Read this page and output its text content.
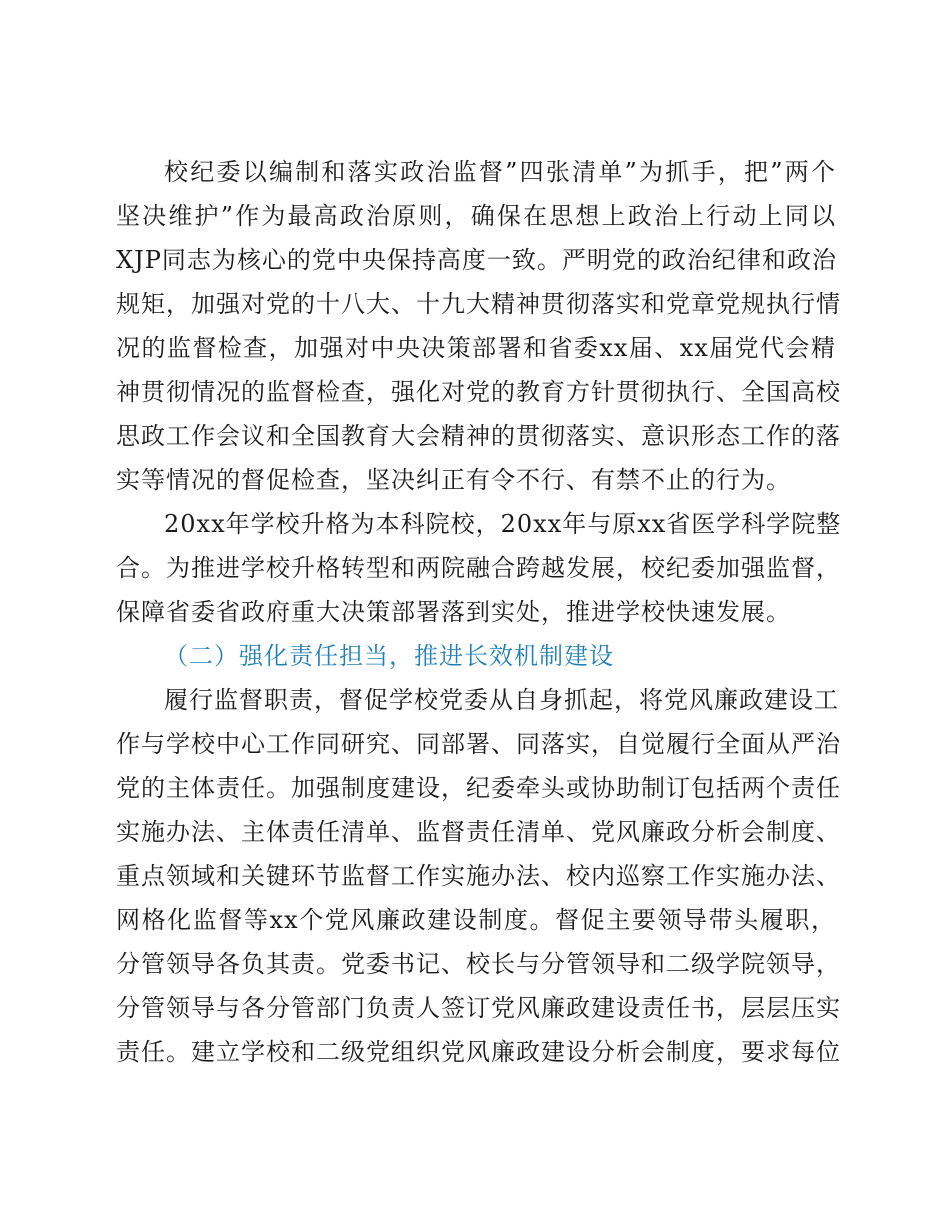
校纪委以编制和落实政治监督”四张清单”为抓手，把”两个
坚决维护”作为最高政治原则，确保在思想上政治上行动上同以
XJP同志为核心的党中央保持高度一致。严明党的政治纪律和政治
规矩，加强对党的十八大、十九大精神贯彻落实和党章党规执行情
况的监督检查，加强对中央决策部署和省委xx届、xx届党代会精
神贯彻情况的监督检查，强化对党的教育方针贯彻执行、全国高校
思政工作会议和全国教育大会精神的贯彻落实、意识形态工作的落
实等情况的督促检查，坚决纠正有令不行、有禁不止的行为。
20xx年学校升格为本科院校，20xx年与原xx省医学科学院整
合。为推进学校升格转型和两院融合跨越发展，校纪委加强监督，
保障省委省政府重大决策部署落到实处，推进学校快速发展。
（二）强化责任担当，推进长效机制建设
履行监督职责，督促学校党委从自身抓起，将党风廉政建设工
作与学校中心工作同研究、同部署、同落实，自觉履行全面从严治
党的主体责任。加强制度建设，纪委牵头或协助制订包括两个责任
实施办法、主体责任清单、监督责任清单、党风廉政分析会制度、
重点领域和关键环节监督工作实施办法、校内巡察工作实施办法、
网格化监督等xx个党风廉政建设制度。督促主要领导带头履职，
分管领导各负其责。党委书记、校长与分管领导和二级学院领导，
分管领导与各分管部门负责人签订党风廉政建设责任书，层层压实
责任。建立学校和二级党组织党风廉政建设分析会制度，要求每位
